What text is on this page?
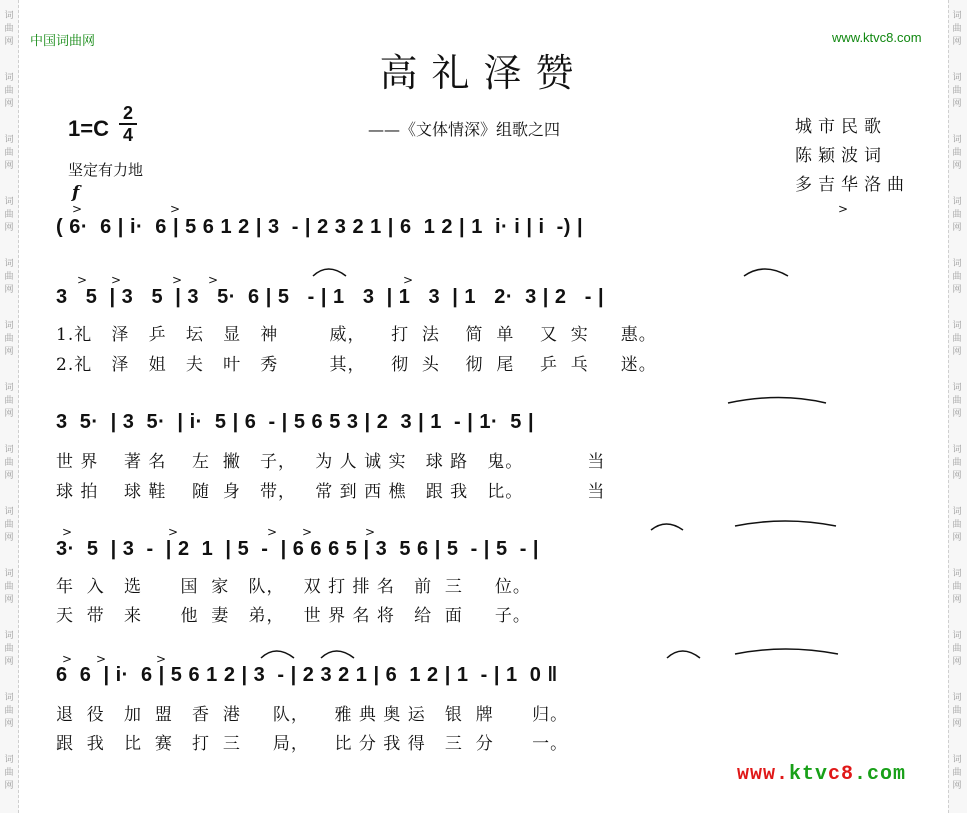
词
曲
网
词
曲
网
词
曲
网
词
曲
网
词
曲
网
词
曲
网
词
曲
网
词
曲
网
词
曲
网
词
曲
网
词
曲
网
词
曲
网
词
曲
网
词
曲
网
词
曲
网
词
曲
网
词
曲
网
词
曲
网
词
曲
网
词
曲
网
词
曲
网
词
曲
网
词
曲
网
词
曲
网
词
曲
网
词
曲
网
中国词曲网	www.ktvc8.com
高礼泽赞
——《文体情深》组歌之四
1=C
2
4
坚定有力地
f
城市民歌
陈颖波词
多吉华洛曲
( 6·  6 | i·  6 | 5 6 1 2 | 3  - | 2 3 2 1 | 6  1 2 | 1  i· i | i  -) |
3   5  | 3   5  | 3   5·  6 | 5   - | 1   3  | 1   3  | 1   2·  3 | 2   - |
1.礼   泽   乒   坛   显   神        威，    打  法    简  单    又  实     惠。
2.礼   泽   姐   夫   叶   秀        其，    彻  头    彻  尾    乒  乓     迷。
3  5·  | 3  5·  | i·  5 | 6  - | 5 6 5 3 | 2  3 | 1  - | 1·  5 |
世 界    著 名    左  撇   子，   为 人 诚 实   球 路   鬼。          当
球 拍    球 鞋    随  身   带，   常 到 西 樵   跟 我   比。          当
3·  5  | 3  -  | 2  1  | 5  -  | 6 6 6 5 | 3  5 6 | 5  - | 5  - |
年  入   选      国  家   队，   双 打 排 名   前  三     位。
天  带   来      他  妻   弟，   世 界 名 将   给  面     子。
6  6  | i·  6 | 5 6 1 2 | 3  - | 2 3 2 1 | 6  1 2 | 1  - | 1  0 ‖
退  役   加  盟   香  港     队，    雅 典 奥 运   银  牌      归。
跟  我   比  赛   打  三     局，    比 分 我 得   三  分      一。
>	>	>
> >	> >	>
>	>	> >	>
> >	>
www.ktvc8.com
